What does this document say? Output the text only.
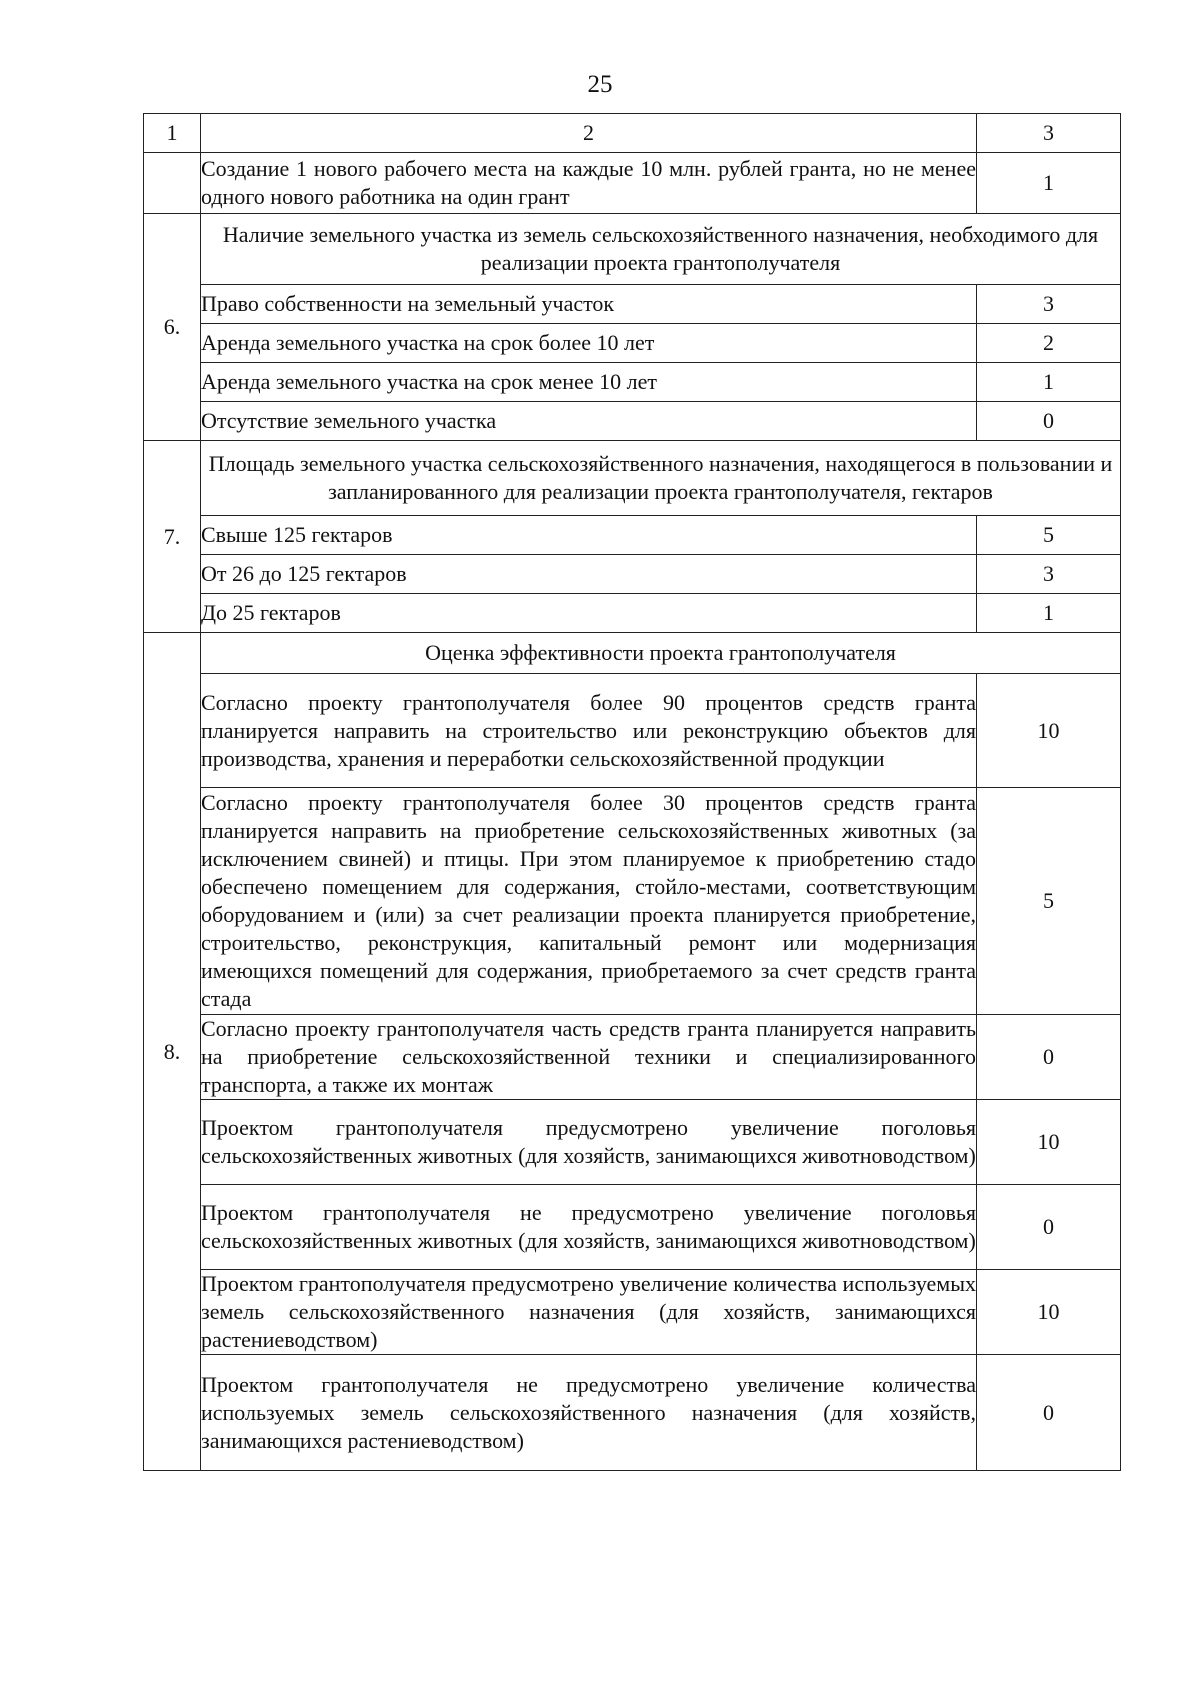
25
1	2	3
	Создание 1 нового рабочего места на каждые 10 млн. рублей гранта, но не менее одного нового работника на один грант	1
6.	Наличие земельного участка из земель сельскохозяйственного назначения, необходимого для реализации проекта грантополучателя	
	Право собственности на земельный участок	3
	Аренда земельного участка на срок более 10 лет	2
	Аренда земельного участка на срок менее 10 лет	1
	Отсутствие земельного участка	0
7.	Площадь земельного участка сельскохозяйственного назначения, находящегося в пользовании и запланированного для реализации проекта грантополучателя, гектаров	
	Свыше 125 гектаров	5
	От 26 до 125 гектаров	3
	До 25 гектаров	1
8.	Оценка эффективности проекта грантополучателя	
	Согласно проекту грантополучателя более 90 процентов средств гранта планируется направить на строительство или реконструкцию объектов для производства, хранения и переработки сельскохозяйственной продукции	10
	Согласно проекту грантополучателя более 30 процентов средств гранта планируется направить на приобретение сельскохозяйственных животных (за исключением свиней) и птицы. При этом планируемое к приобретению стадо обеспечено помещением для содержания, стойло-местами, соответствующим оборудованием и (или) за счет реализации проекта планируется приобретение, строительство, реконструкция, капитальный ремонт или модернизация имеющихся помещений для содержания, приобретаемого за счет средств гранта стада	5
	Согласно проекту грантополучателя часть средств гранта планируется направить на приобретение сельскохозяйственной техники и специализированного транспорта, а также их монтаж	0
	Проектом грантополучателя предусмотрено увеличение поголовья сельскохозяйственных животных (для хозяйств, занимающихся животноводством)	10
	Проектом грантополучателя не предусмотрено увеличение поголовья сельскохозяйственных животных (для хозяйств, занимающихся животноводством)	0
	Проектом грантополучателя предусмотрено увеличение количества используемых земель сельскохозяйственного назначения (для хозяйств, занимающихся растениеводством)	10
	Проектом грантополучателя не предусмотрено увеличение количества используемых земель сельскохозяйственного назначения (для хозяйств, занимающихся растениеводством)	0
